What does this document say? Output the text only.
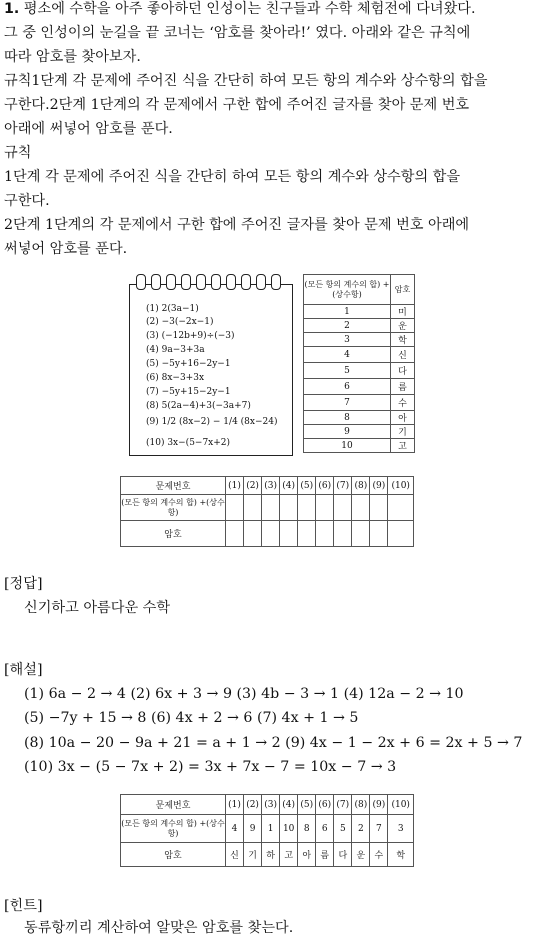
1. 평소에 수학을 아주 좋아하던 인성이는 친구들과 수학 체험전에 다녀왔다.
그 중 인성이의 눈길을 끝 코너는 ‘암호를 찾아라!’ 였다. 아래와 같은 규칙에
따라 암호를 찾아보자.
규칙1단계 각 문제에 주어진 식을 간단히 하여 모든 항의 계수와 상수항의 합을
구한다.2단계 1단계의 각 문제에서 구한 합에 주어진 글자를 찾아 문제 번호
아래에 써넣어 암호를 푼다.
규칙
1단계 각 문제에 주어진 식을 간단히 하여 모든 항의 계수와 상수항의 합을
구한다.
2단계 1단계의 각 문제에서 구한 합에 주어진 글자를 찾아 문제 번호 아래에
써넣어 암호를 푼다.
(1) 2(3a−1)
(2) −3(−2x−1)
(3) (−12b+9)÷(−3)
(4) 9a−3+3a
(5) −5y+16−2y−1
(6) 8x−3+3x
(7) −5y+15−2y−1
(8) 5(2a−4)+3(−3a+7)
(9) 1/2 (8x−2) − 1/4 (8x−24)
(10) 3x−(5−7x+2)
(모든 항의 계수의 합) +(상수항)	암호
1	미
2	운
3	학
4	신
5	다
6	름
7	수
8	아
9	기
10	고
문제번호	(1)	(2)	(3)	(4)	(5)	(6)	(7)	(8)	(9)	(10)
(모든 항의 계수의 합) +(상수항)										
암호										
[정답]
신기하고 아름다운 수학
[해설]
(1) 6a − 2 → 4 (2) 6x + 3 → 9 (3) 4b − 3 → 1 (4) 12a − 2 → 10
(5) −7y + 15 → 8 (6) 4x + 2 → 6 (7) 4x + 1 → 5
(8) 10a − 20 − 9a + 21 = a + 1 → 2 (9) 4x − 1 − 2x + 6 = 2x + 5 → 7
(10) 3x − (5 − 7x + 2) = 3x + 7x − 7 = 10x − 7 → 3
문제번호	(1)	(2)	(3)	(4)	(5)	(6)	(7)	(8)	(9)	(10)
(모든 항의 계수의 합) +(상수항)	4	9	1	10	8	6	5	2	7	3
암호	신	기	하	고	아	름	다	운	수	학
[힌트]
동류항끼리 계산하여 알맞은 암호를 찾는다.
